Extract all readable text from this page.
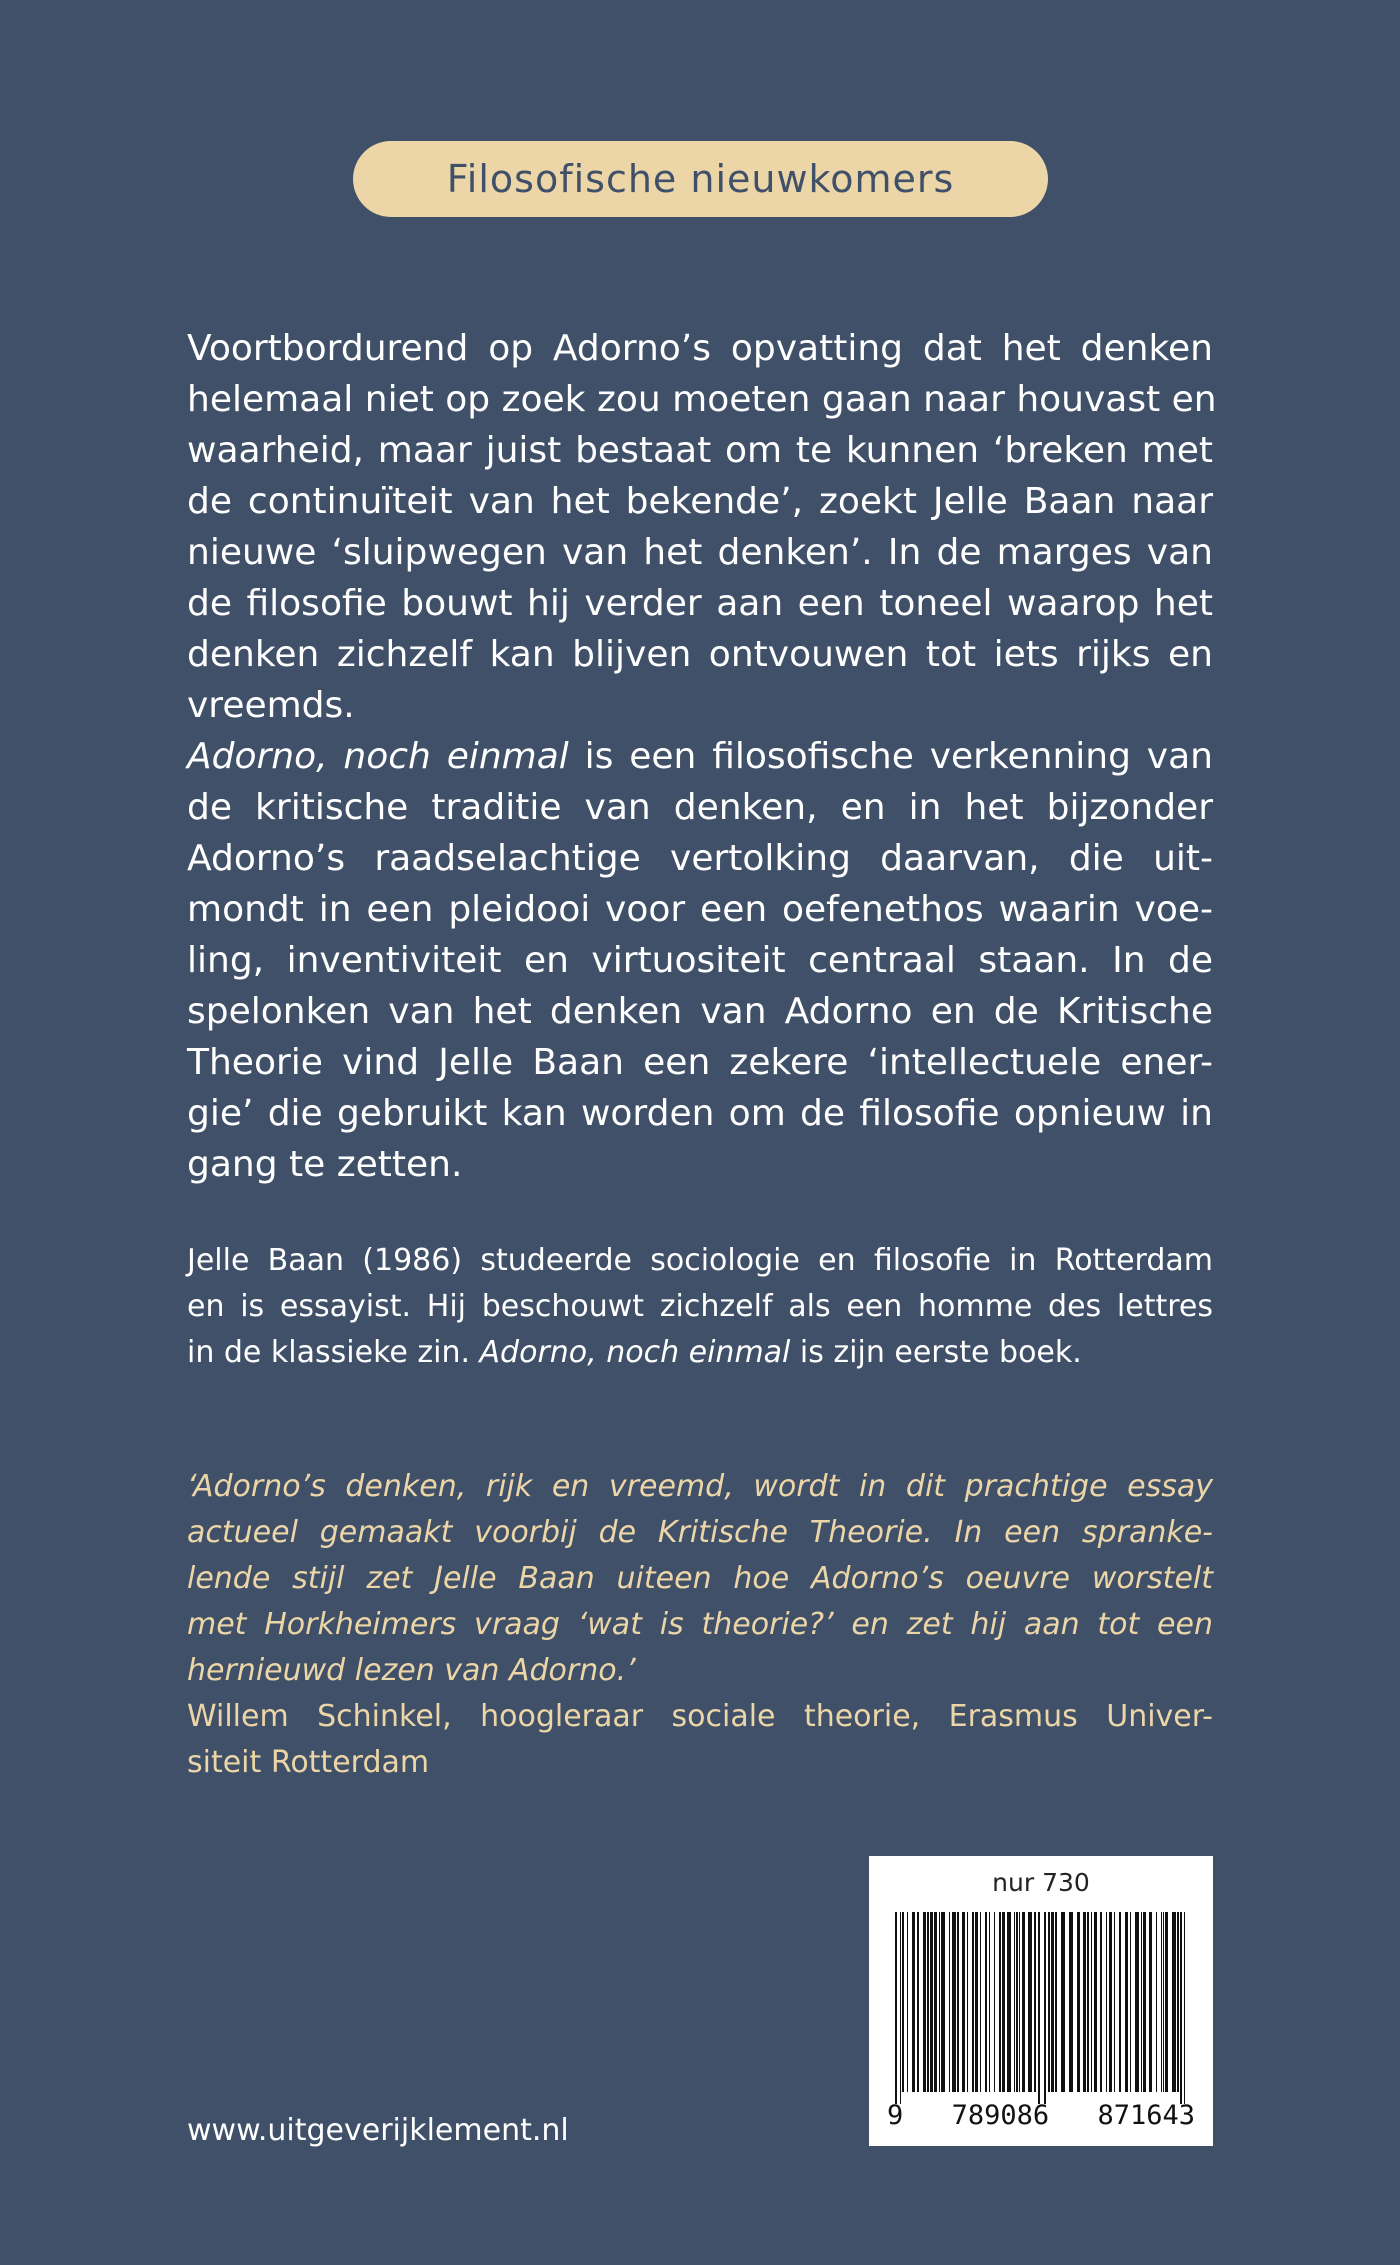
Filosofische nieuwkomers
Voortbordurend op Adorno’s opvatting dat het denken
helemaal niet op zoek zou moeten gaan naar houvast en
waarheid, maar juist bestaat om te kunnen ‘breken met
de continuïteit van het bekende’, zoekt Jelle Baan naar
nieuwe ‘sluipwegen van het denken’. In de marges van
de filosofie bouwt hij verder aan een toneel waarop het
denken zichzelf kan blijven ontvouwen tot iets rijks en
vreemds.
Adorno, noch einmal is een filosofische verkenning van
de kritische traditie van denken, en in het bijzonder
Adorno’s raadselachtige vertolking daarvan, die uit-
mondt in een pleidooi voor een oefenethos waarin voe-
ling, inventiviteit en virtuositeit centraal staan. In de
spelonken van het denken van Adorno en de Kritische
Theorie vind Jelle Baan een zekere ‘intellectuele ener-
gie’ die gebruikt kan worden om de filosofie opnieuw in
gang te zetten.
Jelle Baan (1986) studeerde sociologie en filosofie in Rotterdam
en is essayist. Hij beschouwt zichzelf als een homme des lettres
in de klassieke zin. Adorno, noch einmal is zijn eerste boek.
‘Adorno’s denken, rijk en vreemd, wordt in dit prachtige essay
actueel gemaakt voorbij de Kritische Theorie. In een spranke-
lende stijl zet Jelle Baan uiteen hoe Adorno’s oeuvre worstelt
met Horkheimers vraag ‘wat is theorie?’ en zet hij aan tot een
hernieuwd lezen van Adorno.’
Willem Schinkel, hoogleraar sociale theorie, Erasmus Univer-
siteit Rotterdam
www.uitgeverijklement.nl
nur 730
9 789086 871643
